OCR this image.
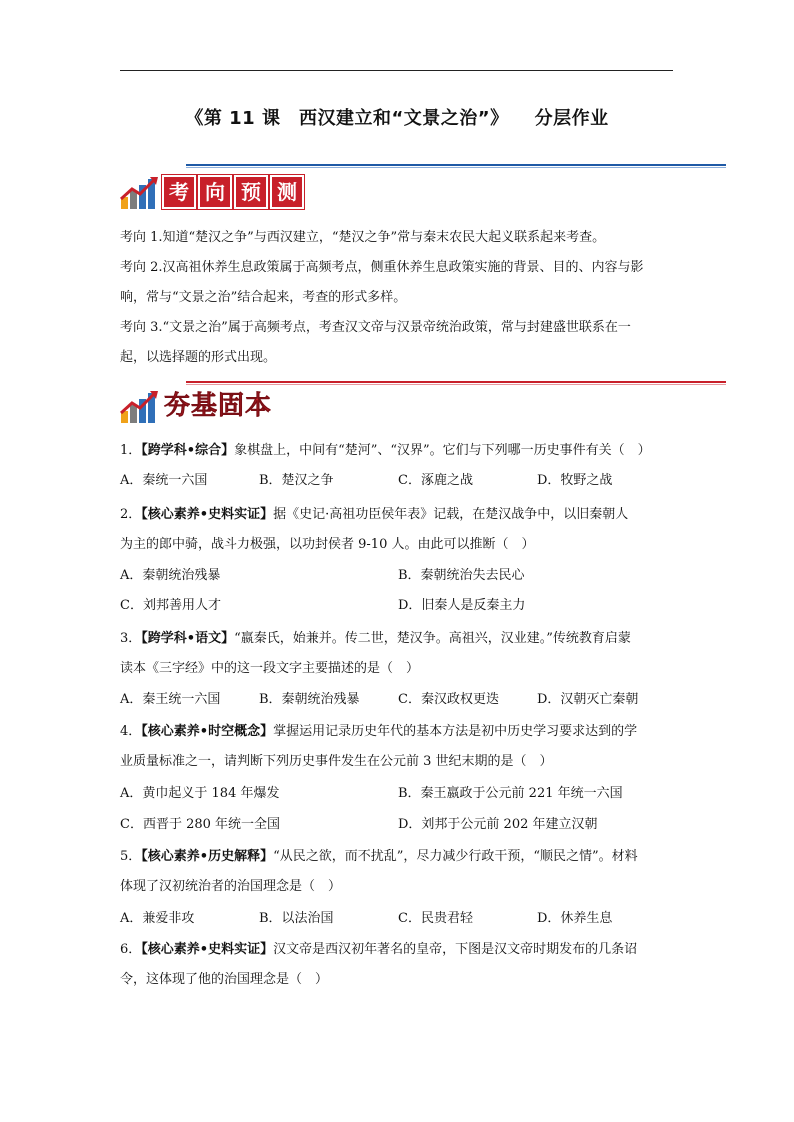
《第 11 课　西汉建立和“文景之治”》 分层作业
考 向 预 测
考向 1.知道“楚汉之争”与西汉建立，“楚汉之争”常与秦末农民大起义联系起来考查。
考向 2.汉高祖休养生息政策属于高频考点，侧重休养生息政策实施的背景、目的、内容与影
响，常与“文景之治”结合起来，考查的形式多样。
考向 3.“文景之治”属于高频考点，考查汉文帝与汉景帝统治政策，常与封建盛世联系在一
起，以选择题的形式出现。
夯基固本
1．【跨学科•综合】象棋盘上，中间有“楚河”、“汉界”。它们与下列哪一历史事件有关（　）
A．秦统一六国	B．楚汉之争	C．涿鹿之战	D．牧野之战
2．【核心素养•史料实证】据《史记·高祖功臣侯年表》记载，在楚汉战争中，以旧秦朝人
为主的郎中骑，战斗力极强，以功封侯者 9-10 人。由此可以推断（　）
A．秦朝统治残暴	B．秦朝统治失去民心
C．刘邦善用人才	D．旧秦人是反秦主力
3．【跨学科•语文】“嬴秦氏，始兼并。传二世，楚汉争。高祖兴，汉业建。”传统教育启蒙
读本《三字经》中的这一段文字主要描述的是（　）
A．秦王统一六国	B．秦朝统治残暴	C．秦汉政权更迭	D．汉朝灭亡秦朝
4．【核心素养•时空概念】掌握运用记录历史年代的基本方法是初中历史学习要求达到的学
业质量标准之一，请判断下列历史事件发生在公元前 3 世纪末期的是（　）
A．黄巾起义于 184 年爆发	B．秦王嬴政于公元前 221 年统一六国
C．西晋于 280 年统一全国	D．刘邦于公元前 202 年建立汉朝
5．【核心素养•历史解释】“从民之欲，而不扰乱”，尽力减少行政干预，“顺民之情”。材料
体现了汉初统治者的治国理念是（　）
A．兼爱非攻	B．以法治国	C．民贵君轻	D．休养生息
6．【核心素养•史料实证】汉文帝是西汉初年著名的皇帝，下图是汉文帝时期发布的几条诏
令，这体现了他的治国理念是（　）
